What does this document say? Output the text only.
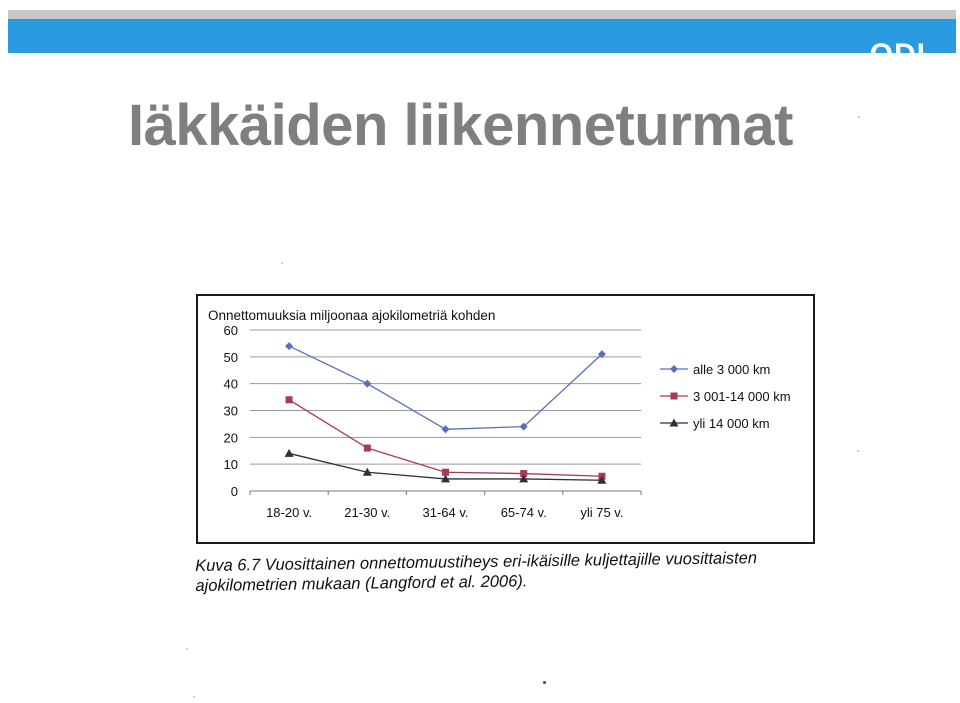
ODL
Iäkkäiden liikenneturmat
0
10
20
30
40
50
60
18-20 v. 21-30 v. 31-64 v. 65-74 v.	yli 75 v.
alle 3 000 km
3 001-14 000 km
yli 14 000 km
Onnettomuuksia miljoonaa ajokilometriä kohden
Kuva 6.7 Vuosittainen onnettomuustiheys eri-ikäisille kuljettajille vuosittaisten
ajokilometrien mukaan (Langford et al. 2006).
